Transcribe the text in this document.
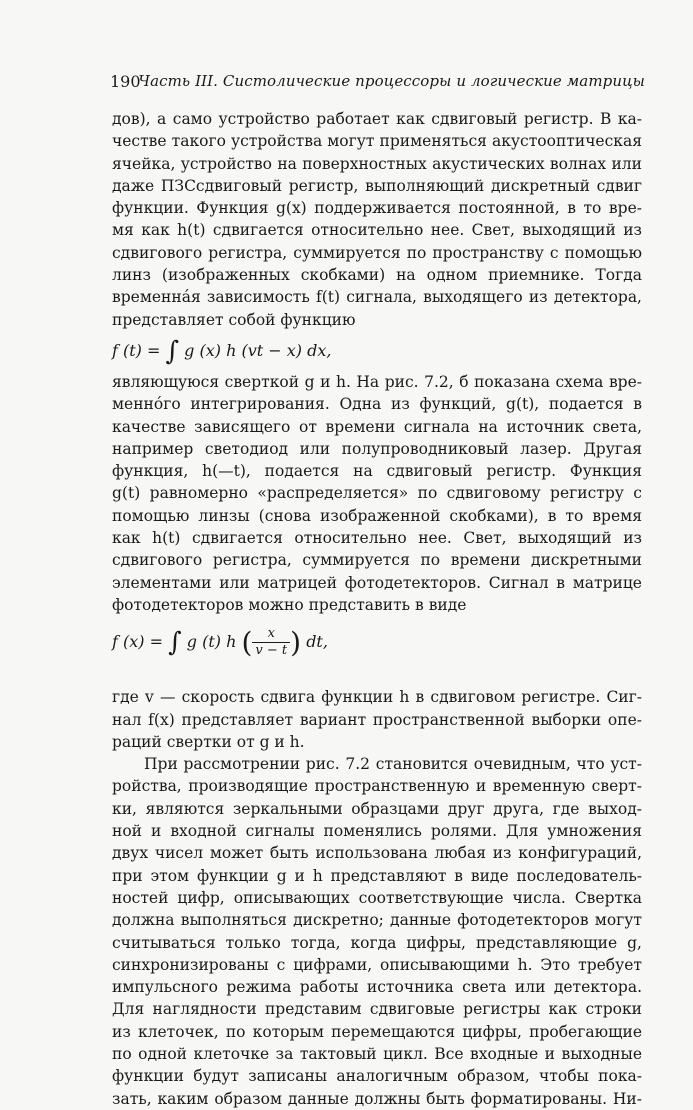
190
Часть III. Систолические процессоры и логические матрицы
дов), а само устройство работает как сдвиговый регистр. В ка-
честве такого устройства могут применяться акустооптическая
ячейка, устройство на поверхностных акустических волнах или
даже ПЗСсдвиговый регистр, выполняющий дискретный сдвиг
функции. Функция g(x) поддерживается постоянной, в то вре-
мя как h(t) сдвигается относительно нее. Свет, выходящий из
сдвигового регистра, суммируется по пространству с помощью
линз (изображенных скобками) на одном приемнике. Тогда
временна́я зависимость f(t) сигнала, выходящего из детектора,
представляет собой функцию
f (t) = ∫ g (x) h (vt − x) dx,
являющуюся сверткой g и h. На рис. 7.2, б показана схема вре-
менно́го интегрирования. Одна из функций, g(t), подается в
качестве зависящего от времени сигнала на источник света,
например светодиод или полупроводниковый лазер. Другая
функция, h(—t), подается на сдвиговый регистр. Функция
g(t) равномерно «распределяется» по сдвиговому регистру с
помощью линзы (снова изображенной скобками), в то время
как h(t) сдвигается относительно нее. Свет, выходящий из
сдвигового регистра, суммируется по времени дискретными
элементами или матрицей фотодетекторов. Сигнал в матрице
фотодетекторов можно представить в виде
f (x) = ∫ g (t) h ( $\frac{x}{v - t}$ ) dt,
где v — скорость сдвига функции h в сдвиговом регистре. Сиг-
нал f(x) представляет вариант пространственной выборки опе-
раций свертки от g и h.
При рассмотрении рис. 7.2 становится очевидным, что уст-
ройства, производящие пространственную и временную сверт-
ки, являются зеркальными образцами друг друга, где выход-
ной и входной сигналы поменялись ролями. Для умножения
двух чисел может быть использована любая из конфигураций,
при этом функции g и h представляют в виде последователь-
ностей цифр, описывающих соответствующие числа. Свертка
должна выполняться дискретно; данные фотодетекторов могут
считываться только тогда, когда цифры, представляющие g,
синхронизированы с цифрами, описывающими h. Это требует
импульсного режима работы источника света или детектора.
Для наглядности представим сдвиговые регистры как строки
из клеточек, по которым перемещаются цифры, пробегающие
по одной клеточке за тактовый цикл. Все входные и выходные
функции будут записаны аналогичным образом, чтобы пока-
зать, каким образом данные должны быть форматированы. Ни-
